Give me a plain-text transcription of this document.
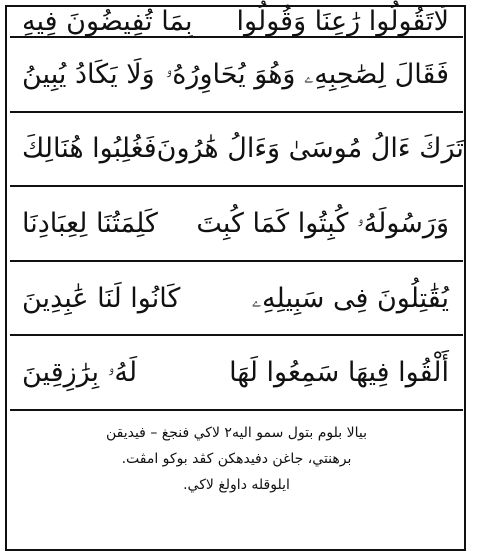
بِمَا تُفِيضُونَ فِيهِ	لَاتَقُولُوا رَٰعِنَا وَقُولُوا
وَلَا يَكَادُ يُبِينُ فَقَالَ لِصَٰحِبِهِۦ وَهُوَ يُحَاوِرُهُۥ
فَغُلِبُوا هُنَالِكَ تَرَكَ ءَالُ مُوسَىٰ وَءَالُ هَٰرُونَ
كَلِمَتُنَا لِعِبَادِنَا	وَرَسُولَهُۥ كُبِتُوا كَمَا كُبِتَ
كَانُوا لَنَا عَٰبِدِينَ	يُقَٰتِلُونَ فِى سَبِيلِهِۦ
لَهُۥ بِرَٰزِقِينَ	أَلْقُوا فِيهَا سَمِعُوا لَهَا
بيالا بلوم بتول سمو اليه٢ لاكي فنجغ – فيديقن
برهنتي، جاغن دفيدهكن كڤد بوكو امڤت.
ايلوقله داولغ لاكي.
